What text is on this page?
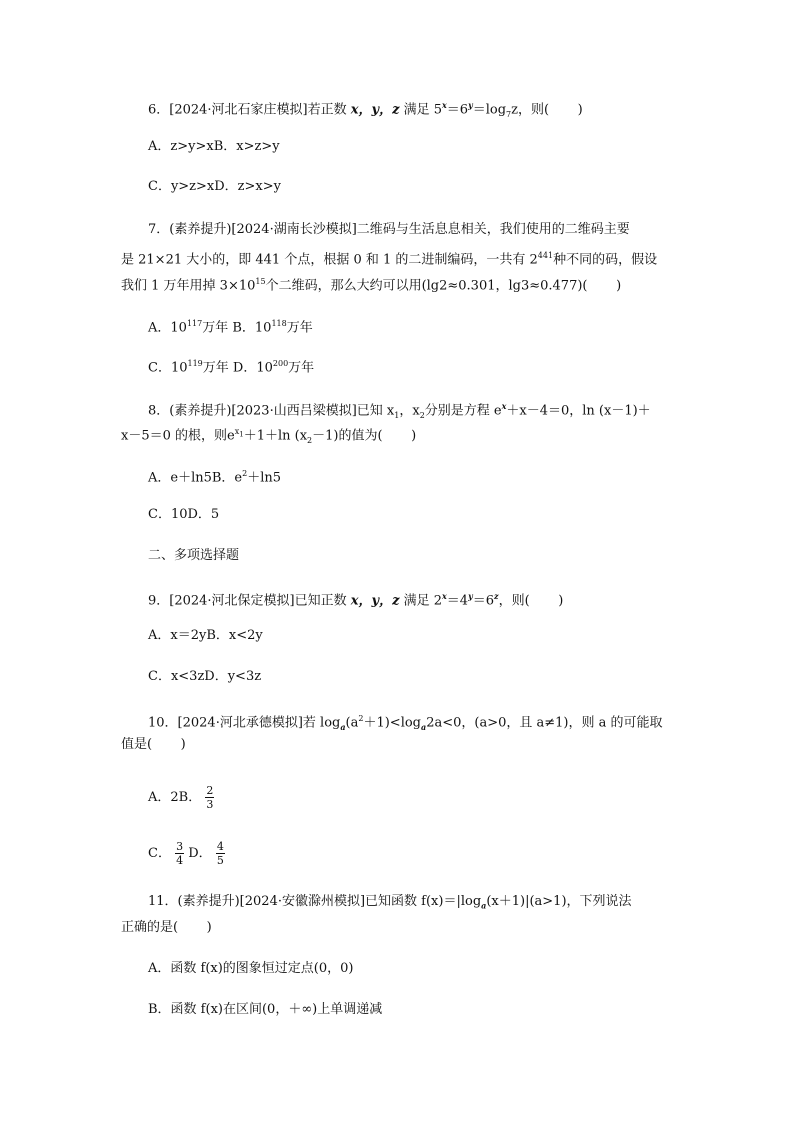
6．[2024·河北石家庄模拟]若正数 x，y，z 满足 $5^x=6^y=\log_7z$，则( )
A．z>y>xB．x>z>y
C．y>z>xD．z>x>y
7．(素养提升)[2024·湖南长沙模拟]二维码与生活息息相关，我们使用的二维码主要
是 21×21 大小的，即 441 个点，根据 0 和 1 的二进制编码，一共有 $2^{441}$种不同的码，假设
我们 1 万年用掉 $3\times 10^{15}$个二维码，那么大约可以用(lg2≈0.301，lg3≈0.477)( )
A．$10^{117}$万年 B．$10^{118}$万年
C．$10^{119}$万年 D．$10^{200}$万年
8．(素养提升)[2023·山西吕梁模拟]已知 $x_1$，$x_2$分别是方程 $e^x+x-4=0$，ln (x－1)＋
x－5＝0 的根，则$e^{x_1}+1+\ln$ $(x_2-1)$的值为( )
A．e＋ln5B．$e^2+\ln 5$
C．10D．5
二、多项选择题
9．[2024·河北保定模拟]已知正数 x，y，z 满足 $2^x=4^y=6^z$，则( )
A．x＝2yB．x<2y
C．x<3zD．y<3z
10．[2024·河北承德模拟]若 $\log_a(a^2+1)<\log_a2a<0$，(a>0，且 a≠1)，则 a 的可能取
值是( )
A．2B． $\frac{2}{3}$
C． $\frac{3}{4}$ D． $\frac{4}{5}$
11．(素养提升)[2024·安徽滁州模拟]已知函数 $f(x)=|\log_a(x+1)|(a>1)$，下列说法
正确的是( )
A．函数 f(x)的图象恒过定点(0，0)
B．函数 f(x)在区间(0，＋∞)上单调递减
